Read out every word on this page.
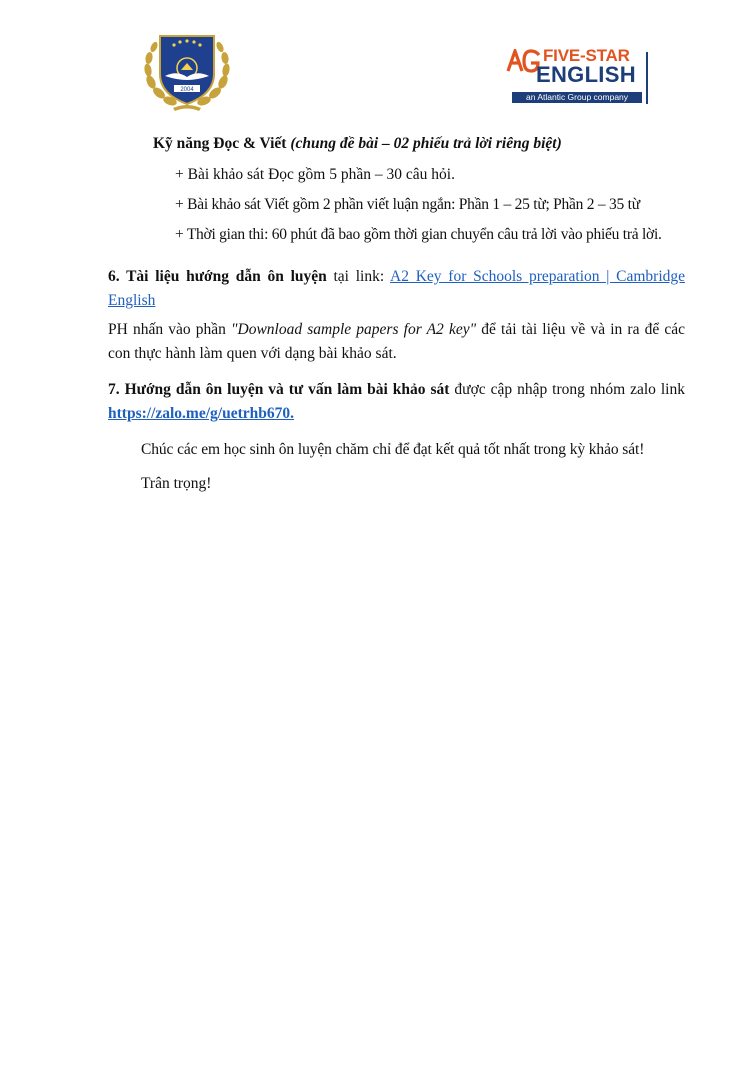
2004
FIVE-STAR
ENGLISH
an Atlantic Group company
Kỹ năng Đọc & Viết (chung đề bài – 02 phiếu trả lời riêng biệt)
+ Bài khảo sát Đọc gồm 5 phần – 30 câu hỏi.
+ Bài khảo sát Viết gồm 2 phần viết luận ngắn: Phần 1 – 25 từ; Phần 2 – 35 từ
+ Thời gian thi: 60 phút đã bao gồm thời gian chuyển câu trả lời vào phiếu trả lời.
6. Tài liệu hướng dẫn ôn luyện tại link: A2 Key for Schools preparation | Cambridge English
PH nhấn vào phần "Download sample papers for A2 key" để tải tài liệu về và in ra để các con thực hành làm quen với dạng bài khảo sát.
7. Hướng dẫn ôn luyện và tư vấn làm bài khảo sát được cập nhập trong nhóm zalo link https://zalo.me/g/uetrhb670.
Chúc các em học sinh ôn luyện chăm chỉ để đạt kết quả tốt nhất trong kỳ khảo sát!
Trân trọng!
